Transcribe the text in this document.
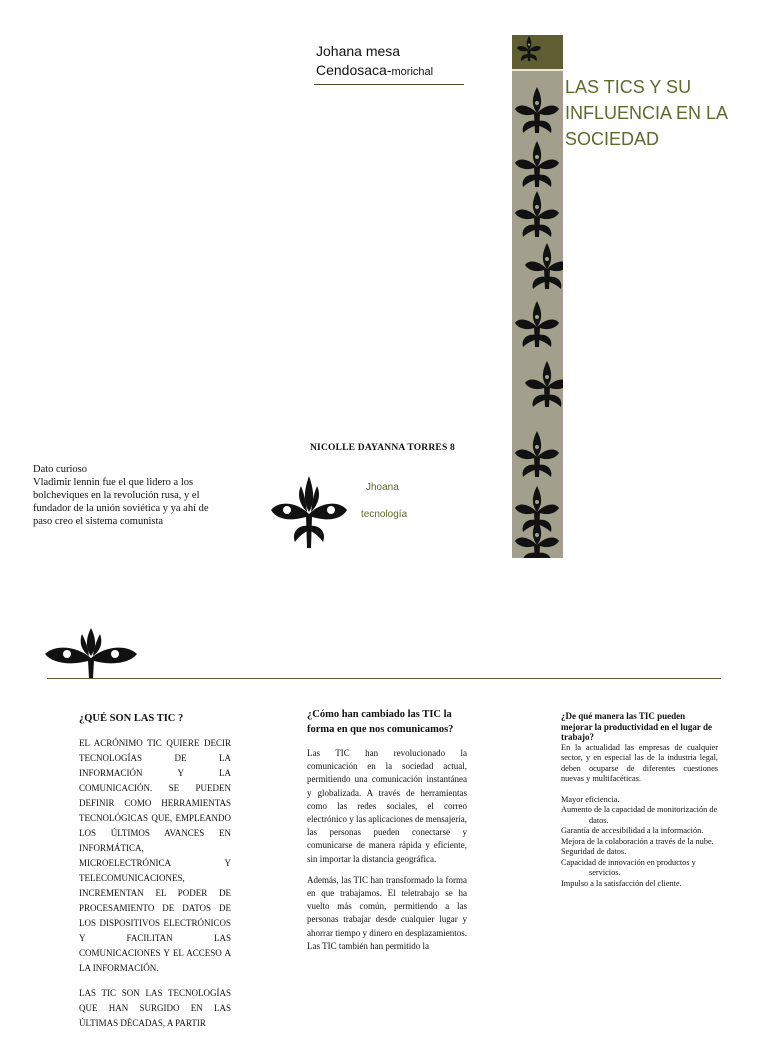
Johana mesa
Cendosaca-morichal
LAS TICS Y SU INFLUENCIA EN LA SOCIEDAD
NICOLLE DAYANNA TORRES 8
Jhoana
tecnología
Dato curioso
Vladimir lennin fue el que lidero a los bolcheviques en la revolución rusa, y el fundador de la unión soviética y ya ahí de paso creo el sistema comunista
¿QUÉ SON LAS TIC ?

EL ACRÓNIMO TIC QUIERE DECIR TECNOLOGÍAS DE LA INFORMACIÓN Y LA COMUNICACIÓN. SE PUEDEN DEFINIR COMO HERRAMIENTAS TECNOLÓGICAS QUE, EMPLEANDO LOS ÚLTIMOS AVANCES EN INFORMÁTICA, MICROELECTRÓNICA Y TELECOMUNICACIONES, INCREMENTAN EL PODER DE PROCESAMIENTO DE DATOS DE LOS DISPOSITIVOS ELECTRÓNICOS Y FACILITAN LAS COMUNICACIONES Y EL ACCESO A LA INFORMACIÓN.

LAS TIC SON LAS TECNOLOGÍAS QUE HAN SURGIDO EN LAS ÚLTIMAS DÉCADAS, A PARTIR

¿Cómo han cambiado las TIC la forma en que nos comunicamos?

Las TIC han revolucionado la comunicación en la sociedad actual, permitiendo una comunicación instantánea y globalizada. A través de herramientas como las redes sociales, el correo electrónico y las aplicaciones de mensajería, las personas pueden conectarse y comunicarse de manera rápida y eficiente, sin importar la distancia geográfica.

Además, las TIC han transformado la forma en que trabajamos. El teletrabajo se ha vuelto más común, permitiendo a las personas trabajar desde cualquier lugar y ahorrar tiempo y dinero en desplazamientos. Las TIC también han permitido la

¿De qué manera las TIC pueden mejorar la productividad en el lugar de trabajo?

En la actualidad las empresas de cualquier sector, y en especial las de la industria legal, deben ocuparse de diferentes cuestiones nuevas y multifacéticas.

Mayor eficiencia.
Aumento de la capacidad de monitorización de datos.
Garantía de accesibilidad a la información.
Mejora de la colaboración a través de la nube.
Seguridad de datos.
Capacidad de innovación en productos y servicios.
Impulso a la satisfacción del cliente.
